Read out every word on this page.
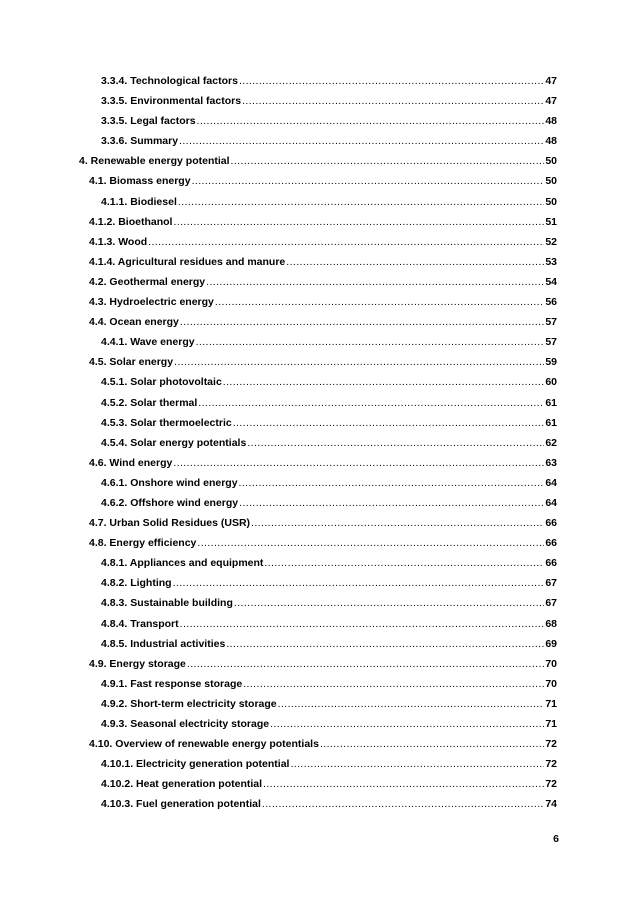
3.3.4. Technological factors .....	47
3.3.5. Environmental factors .....	47
3.3.5. Legal factors .....	48
3.3.6. Summary .....	48
4. Renewable energy potential .....	50
4.1. Biomass energy .....	50
4.1.1. Biodiesel .....	50
4.1.2. Bioethanol .....	51
4.1.3. Wood .....	52
4.1.4. Agricultural residues and manure .....	53
4.2. Geothermal energy .....	54
4.3. Hydroelectric energy .....	56
4.4. Ocean energy .....	57
4.4.1. Wave energy .....	57
4.5. Solar energy .....	59
4.5.1. Solar photovoltaic .....	60
4.5.2. Solar thermal .....	61
4.5.3. Solar thermoelectric .....	61
4.5.4. Solar energy potentials .....	62
4.6. Wind energy .....	63
4.6.1. Onshore wind energy .....	64
4.6.2. Offshore wind energy .....	64
4.7. Urban Solid Residues (USR) .....	66
4.8. Energy efficiency .....	66
4.8.1. Appliances and equipment .....	66
4.8.2. Lighting .....	67
4.8.3. Sustainable building .....	67
4.8.4. Transport .....	68
4.8.5. Industrial activities .....	69
4.9. Energy storage .....	70
4.9.1. Fast response storage .....	70
4.9.2. Short-term electricity storage .....	71
4.9.3. Seasonal electricity storage .....	71
4.10. Overview of renewable energy potentials .....	72
4.10.1. Electricity generation potential .....	72
4.10.2. Heat generation potential .....	72
4.10.3. Fuel generation potential .....	74
6
